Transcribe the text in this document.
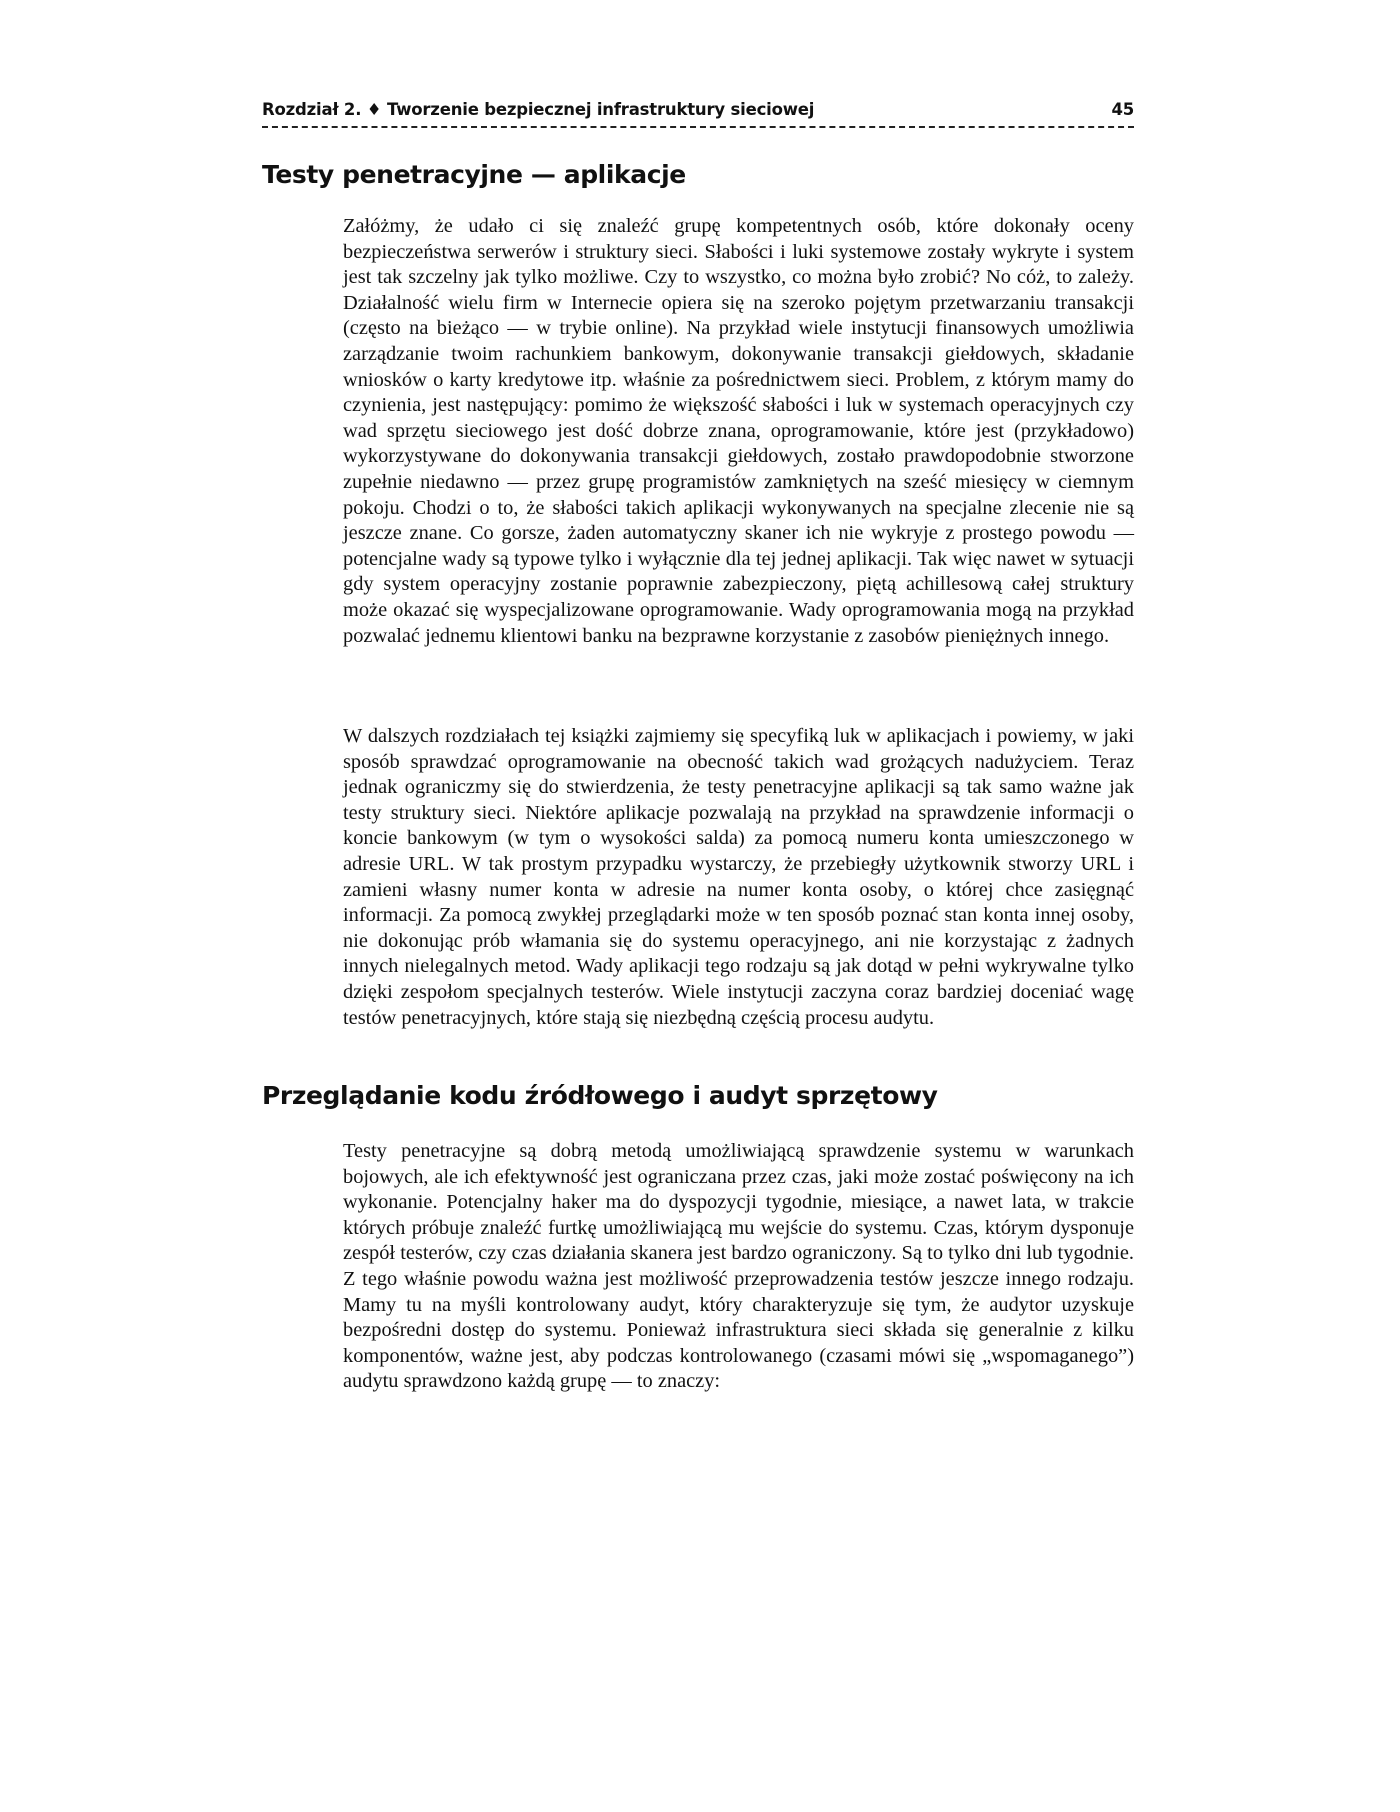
Rozdział 2. ♦ Tworzenie bezpiecznej infrastruktury sieciowej	45
Testy penetracyjne — aplikacje

Załóżmy, że udało ci się znaleźć grupę kompetentnych osób, które dokonały oceny bezpieczeństwa serwerów i struktury sieci. Słabości i luki systemowe zostały wykryte i system jest tak szczelny jak tylko możliwe. Czy to wszystko, co można było zrobić? No cóż, to zależy. Działalność wielu firm w Internecie opiera się na szeroko pojętym przetwarzaniu transakcji (często na bieżąco — w trybie online). Na przykład wiele instytucji finansowych umożliwia zarządzanie twoim rachunkiem bankowym, dokonywanie transakcji giełdowych, składanie wniosków o karty kredytowe itp. właśnie za pośrednictwem sieci. Problem, z którym mamy do czynienia, jest następujący: pomimo że większość słabości i luk w systemach operacyjnych czy wad sprzętu sieciowego jest dość dobrze znana, oprogramowanie, które jest (przykładowo) wykorzystywane do dokonywania transakcji giełdowych, zostało prawdopodobnie stworzone zupełnie niedawno — przez grupę programistów zamkniętych na sześć miesięcy w ciemnym pokoju. Chodzi o to, że słabości takich aplikacji wykonywanych na specjalne zlecenie nie są jeszcze znane. Co gorsze, żaden automatyczny skaner ich nie wykryje z prostego powodu — potencjalne wady są typowe tylko i wyłącznie dla tej jednej aplikacji. Tak więc nawet w sytuacji gdy system operacyjny zostanie poprawnie zabezpieczony, piętą achillesową całej struktury może okazać się wyspecjalizowane oprogramowanie. Wady oprogramowania mogą na przykład pozwalać jednemu klientowi banku na bezprawne korzystanie z zasobów pieniężnych innego.

W dalszych rozdziałach tej książki zajmiemy się specyfiką luk w aplikacjach i powiemy, w jaki sposób sprawdzać oprogramowanie na obecność takich wad grożących nadużyciem. Teraz jednak ograniczmy się do stwierdzenia, że testy penetracyjne aplikacji są tak samo ważne jak testy struktury sieci. Niektóre aplikacje pozwalają na przykład na sprawdzenie informacji o koncie bankowym (w tym o wysokości salda) za pomocą numeru konta umieszczonego w adresie URL. W tak prostym przypadku wystarczy, że przebiegły użytkownik stworzy URL i zamieni własny numer konta w adresie na numer konta osoby, o której chce zasięgnąć informacji. Za pomocą zwykłej przeglądarki może w ten sposób poznać stan konta innej osoby, nie dokonując prób włamania się do systemu operacyjnego, ani nie korzystając z żadnych innych nielegalnych metod. Wady aplikacji tego rodzaju są jak dotąd w pełni wykrywalne tylko dzięki zespołom specjalnych testerów. Wiele instytucji zaczyna coraz bardziej doceniać wagę testów penetracyjnych, które stają się niezbędną częścią procesu audytu.

Przeglądanie kodu źródłowego i audyt sprzętowy

Testy penetracyjne są dobrą metodą umożliwiającą sprawdzenie systemu w warunkach bojowych, ale ich efektywność jest ograniczana przez czas, jaki może zostać poświęcony na ich wykonanie. Potencjalny haker ma do dyspozycji tygodnie, miesiące, a nawet lata, w trakcie których próbuje znaleźć furtkę umożliwiającą mu wejście do systemu. Czas, którym dysponuje zespół testerów, czy czas działania skanera jest bardzo ograniczony. Są to tylko dni lub tygodnie. Z tego właśnie powodu ważna jest możliwość przeprowadzenia testów jeszcze innego rodzaju. Mamy tu na myśli kontrolowany audyt, który charakteryzuje się tym, że audytor uzyskuje bezpośredni dostęp do systemu. Ponieważ infrastruktura sieci składa się generalnie z kilku komponentów, ważne jest, aby podczas kontrolowanego (czasami mówi się „wspomaganego”) audytu sprawdzono każdą grupę — to znaczy:
